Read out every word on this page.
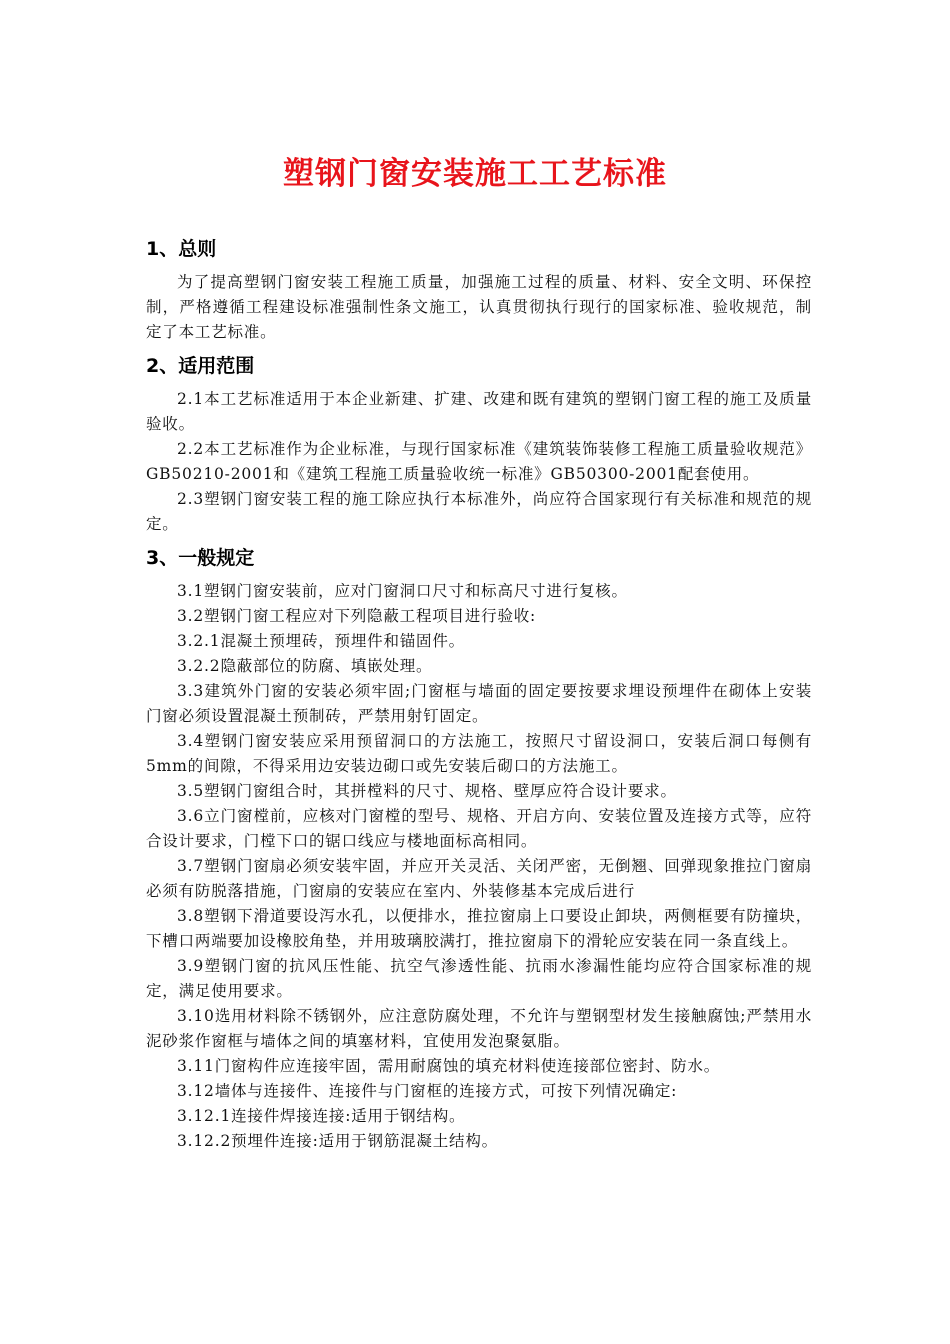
塑钢门窗安装施工工艺标准
1、总则

为了提高塑钢门窗安装工程施工质量，加强施工过程的质量、材料、安全文明、环保控制，严格遵循工程建设标准强制性条文施工，认真贯彻执行现行的国家标准、验收规范，制定了本工艺标准。

2、适用范围

2.1本工艺标准适用于本企业新建、扩建、改建和既有建筑的塑钢门窗工程的施工及质量验收。

2.2本工艺标准作为企业标准，与现行国家标准《建筑装饰装修工程施工质量验收规范》GB50210-2001和《建筑工程施工质量验收统一标准》GB50300-2001配套使用。

2.3塑钢门窗安装工程的施工除应执行本标准外，尚应符合国家现行有关标准和规范的规定。

3、一般规定

3.1塑钢门窗安装前，应对门窗洞口尺寸和标高尺寸进行复核。

3.2塑钢门窗工程应对下列隐蔽工程项目进行验收:

3.2.1混凝土预埋砖，预埋件和锚固件。

3.2.2隐蔽部位的防腐、填嵌处理。

3.3建筑外门窗的安装必须牢固;门窗框与墙面的固定要按要求埋设预埋件在砌体上安装门窗必须设置混凝土预制砖，严禁用射钉固定。

3.4塑钢门窗安装应采用预留洞口的方法施工，按照尺寸留设洞口，安装后洞口每侧有5mm的间隙，不得采用边安装边砌口或先安装后砌口的方法施工。

3.5塑钢门窗组合时，其拼樘料的尺寸、规格、壁厚应符合设计要求。

3.6立门窗樘前，应核对门窗樘的型号、规格、开启方向、安装位置及连接方式等，应符合设计要求，门樘下口的锯口线应与楼地面标高相同。

3.7塑钢门窗扇必须安装牢固，并应开关灵活、关闭严密，无倒翘、回弹现象推拉门窗扇必须有防脱落措施，门窗扇的安装应在室内、外装修基本完成后进行

3.8塑钢下滑道要设泻水孔，以便排水，推拉窗扇上口要设止卸块，两侧框要有防撞块，下槽口两端要加设橡胶角垫，并用玻璃胶满打，推拉窗扇下的滑轮应安装在同一条直线上。

3.9塑钢门窗的抗风压性能、抗空气渗透性能、抗雨水渗漏性能均应符合国家标准的规定，满足使用要求。

3.10选用材料除不锈钢外，应注意防腐处理，不允许与塑钢型材发生接触腐蚀;严禁用水泥砂浆作窗框与墙体之间的填塞材料，宜使用发泡聚氨脂。

3.11门窗构件应连接牢固，需用耐腐蚀的填充材料使连接部位密封、防水。

3.12墙体与连接件、连接件与门窗框的连接方式，可按下列情况确定:

3.12.1连接件焊接连接:适用于钢结构。

3.12.2预埋件连接:适用于钢筋混凝土结构。
